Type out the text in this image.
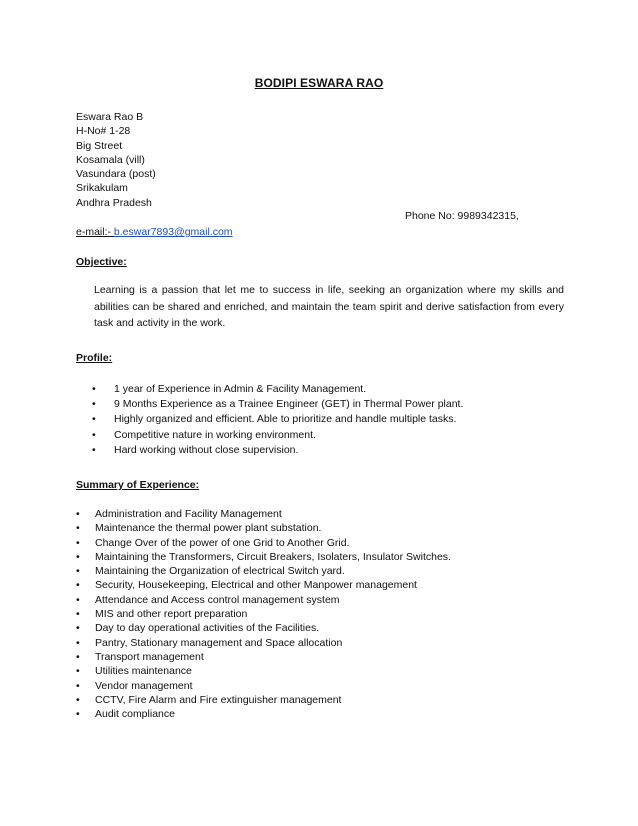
BODIPI ESWARA RAO
Eswara Rao B
H-No# 1-28
Big Street
Kosamala (vill)
Vasundara (post)
Srikakulam
Andhra Pradesh
Phone No: 9989342315,
e-mail:- b.eswar7893@gmail.com
Objective:
Learning is a passion that let me to success in life, seeking an organization where my skills and abilities can be shared and enriched, and maintain the team spirit and derive satisfaction from every task and activity in the work.
Profile:
• 1 year of Experience in Admin & Facility Management.
• 9 Months Experience as a Trainee Engineer (GET) in Thermal Power plant.
• Highly organized and efficient. Able to prioritize and handle multiple tasks.
• Competitive nature in working environment.
• Hard working without close supervision.
Summary of Experience:
• Administration and Facility Management
• Maintenance the thermal power plant substation.
• Change Over of the power of one Grid to Another Grid.
• Maintaining the Transformers, Circuit Breakers, Isolaters, Insulator Switches.
• Maintaining the Organization of electrical Switch yard.
• Security, Housekeeping, Electrical and other Manpower management
• Attendance and Access control management system
• MIS and other report preparation
• Day to day operational activities of the Facilities.
• Pantry, Stationary management and Space allocation
• Transport management
• Utilities maintenance
• Vendor management
• CCTV, Fire Alarm and Fire extinguisher management
• Audit compliance
